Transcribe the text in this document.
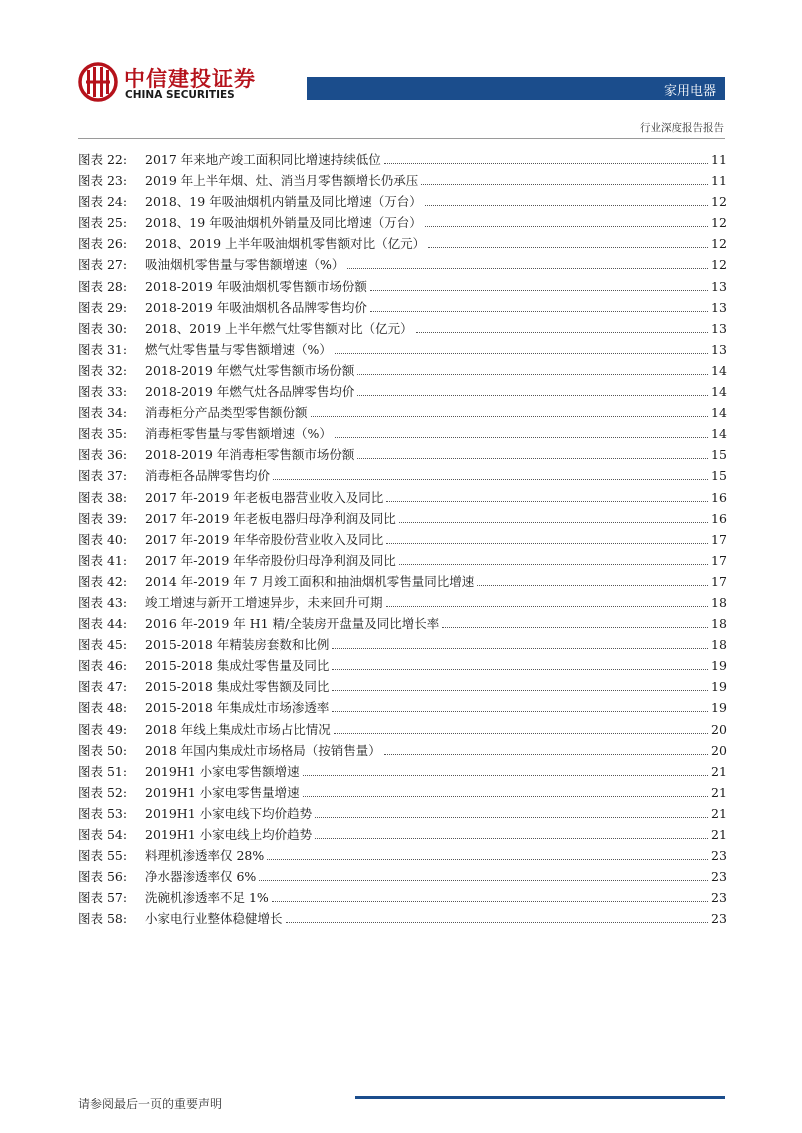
中信建投证券
CHINA SECURITIES	家用电器
行业深度报告报告
图表 22:	2017 年来地产竣工面积同比增速持续低位	11
图表 23:	2019 年上半年烟、灶、消当月零售额增长仍承压	11
图表 24:	2018、19 年吸油烟机内销量及同比增速（万台）	12
图表 25:	2018、19 年吸油烟机外销量及同比增速（万台）	12
图表 26:	2018、2019 上半年吸油烟机零售额对比（亿元）	12
图表 27:	吸油烟机零售量与零售额增速（%）	12
图表 28:	2018-2019 年吸油烟机零售额市场份额	13
图表 29:	2018-2019 年吸油烟机各品牌零售均价	13
图表 30:	2018、2019 上半年燃气灶零售额对比（亿元）	13
图表 31:	燃气灶零售量与零售额增速（%）	13
图表 32:	2018-2019 年燃气灶零售额市场份额	14
图表 33:	2018-2019 年燃气灶各品牌零售均价	14
图表 34:	消毒柜分产品类型零售额份额	14
图表 35:	消毒柜零售量与零售额增速（%）	14
图表 36:	2018-2019 年消毒柜零售额市场份额	15
图表 37:	消毒柜各品牌零售均价	15
图表 38:	2017 年-2019 年老板电器营业收入及同比	16
图表 39:	2017 年-2019 年老板电器归母净利润及同比	16
图表 40:	2017 年-2019 年华帝股份营业收入及同比	17
图表 41:	2017 年-2019 年华帝股份归母净利润及同比	17
图表 42:	2014 年-2019 年 7 月竣工面积和抽油烟机零售量同比增速	17
图表 43:	竣工增速与新开工增速异步，未来回升可期	18
图表 44:	2016 年-2019 年 H1 精/全装房开盘量及同比增长率	18
图表 45:	2015-2018 年精装房套数和比例	18
图表 46:	2015-2018 集成灶零售量及同比	19
图表 47:	2015-2018 集成灶零售额及同比	19
图表 48:	2015-2018 年集成灶市场渗透率	19
图表 49:	2018 年线上集成灶市场占比情况	20
图表 50:	2018 年国内集成灶市场格局（按销售量）	20
图表 51:	2019H1 小家电零售额增速	21
图表 52:	2019H1 小家电零售量增速	21
图表 53:	2019H1 小家电线下均价趋势	21
图表 54:	2019H1 小家电线上均价趋势	21
图表 55:	料理机渗透率仅 28%	23
图表 56:	净水器渗透率仅 6%	23
图表 57:	洗碗机渗透率不足 1%	23
图表 58:	小家电行业整体稳健增长	23
请参阅最后一页的重要声明
